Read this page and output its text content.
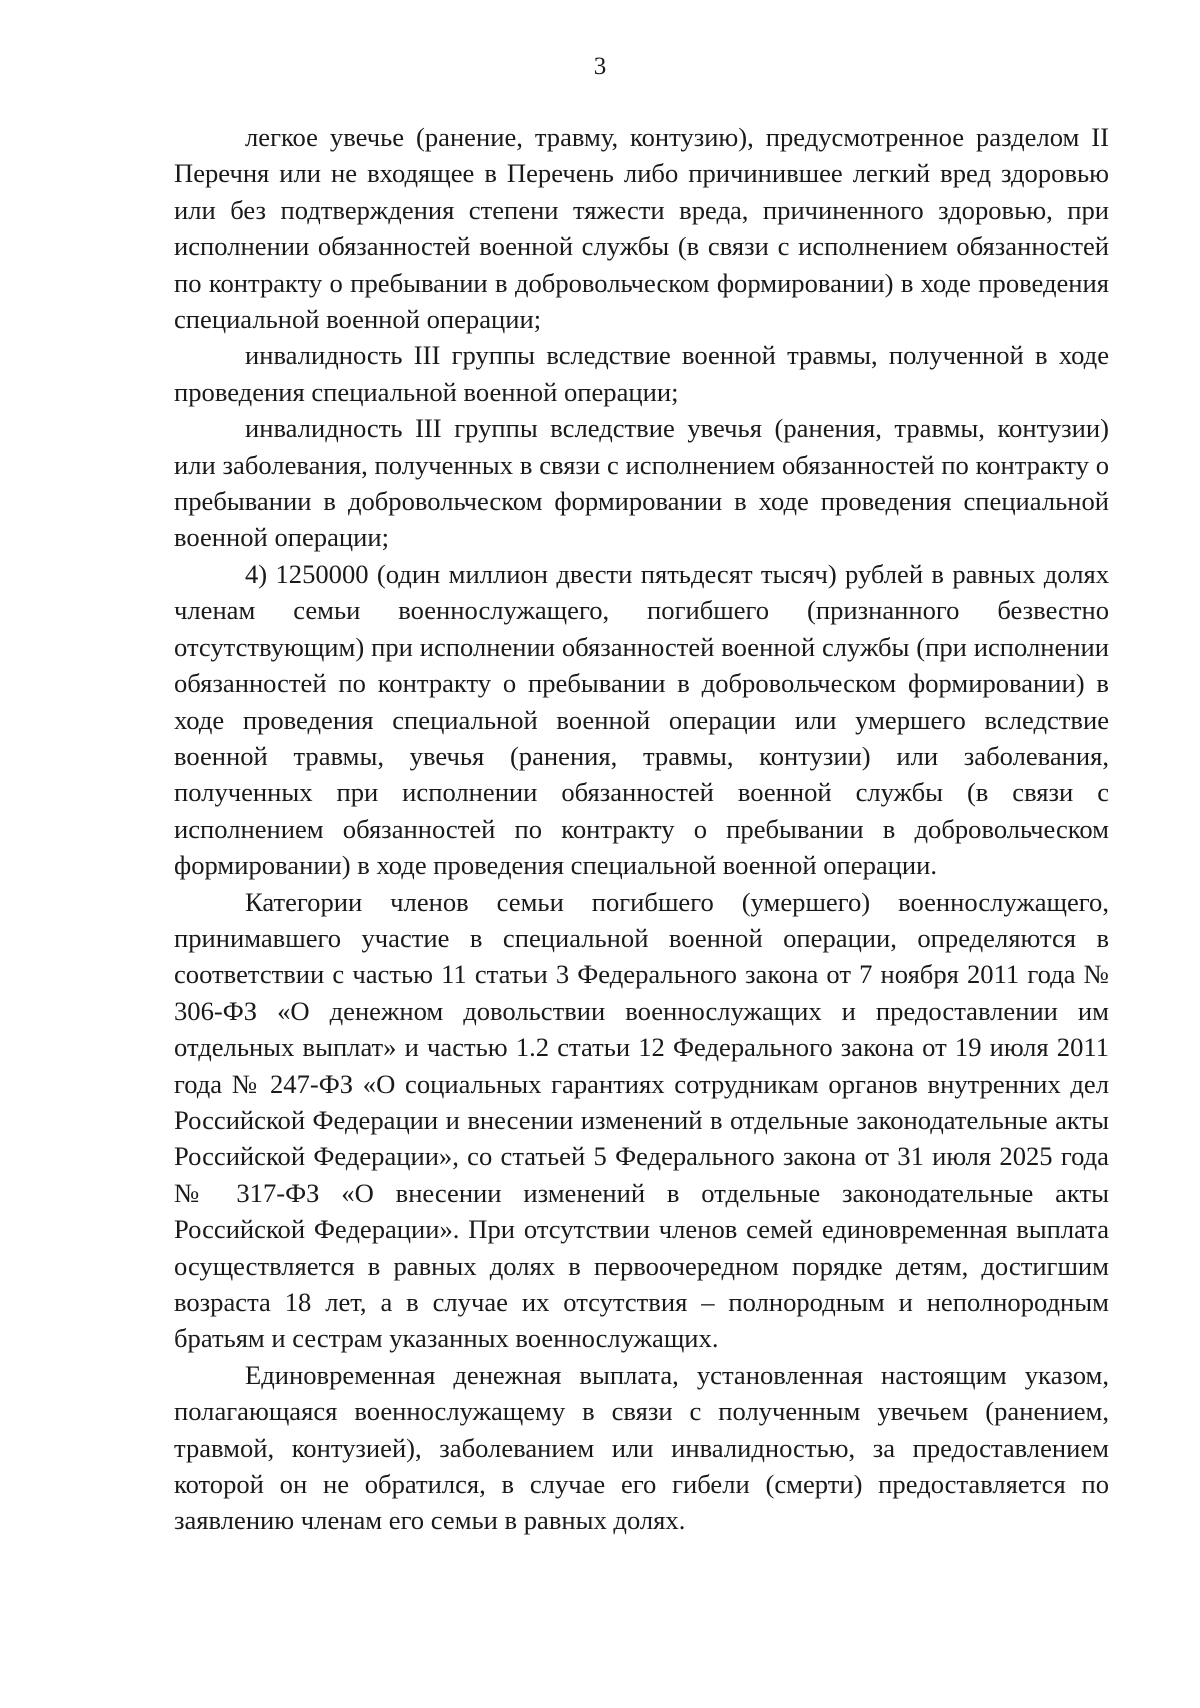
3

легкое увечье (ранение, травму, контузию), предусмотренное разделом II Перечня или не входящее в Перечень либо причинившее легкий вред здоровью или без подтверждения степени тяжести вреда, причиненного здоровью, при исполнении обязанностей военной службы (в связи с исполнением обязанностей по контракту о пребывании в добровольческом формировании) в ходе проведения специальной военной операции;

инвалидность III группы вследствие военной травмы, полученной в ходе проведения специальной военной операции;

инвалидность III группы вследствие увечья (ранения, травмы, контузии) или заболевания, полученных в связи с исполнением обязанностей по контракту о пребывании в добровольческом формировании в ходе проведения специальной военной операции;

4) 1250000 (один миллион двести пятьдесят тысяч) рублей в равных долях членам семьи военнослужащего, погибшего (признанного безвестно отсутствующим) при исполнении обязанностей военной службы (при исполнении обязанностей по контракту о пребывании в добровольческом формировании) в ходе проведения специальной военной операции или умершего вследствие военной травмы, увечья (ранения, травмы, контузии) или заболевания, полученных при исполнении обязанностей военной службы (в связи с исполнением обязанностей по контракту о пребывании в добровольческом формировании) в ходе проведения специальной военной операции.

Категории членов семьи погибшего (умершего) военнослужащего, принимавшего участие в специальной военной операции, определяются в соответствии с частью 11 статьи 3 Федерального закона от 7 ноября 2011 года № 306-ФЗ «О денежном довольствии военнослужащих и предоставлении им отдельных выплат» и частью 1.2 статьи 12 Федерального закона от 19 июля 2011 года № 247-ФЗ «О социальных гарантиях сотрудникам органов внутренних дел Российской Федерации и внесении изменений в отдельные законодательные акты Российской Федерации», со статьей 5 Федерального закона от 31 июля 2025 года № 317-ФЗ «О внесении изменений в отдельные законодательные акты Российской Федерации». При отсутствии членов семей единовременная выплата осуществляется в равных долях в первоочередном порядке детям, достигшим возраста 18 лет, а в случае их отсутствия – полнородным и неполнородным братьям и сестрам указанных военнослужащих.

Единовременная денежная выплата, установленная настоящим указом, полагающаяся военнослужащему в связи с полученным увечьем (ранением, травмой, контузией), заболеванием или инвалидностью, за предоставлением которой он не обратился, в случае его гибели (смерти) предоставляется по заявлению членам его семьи в равных долях.
